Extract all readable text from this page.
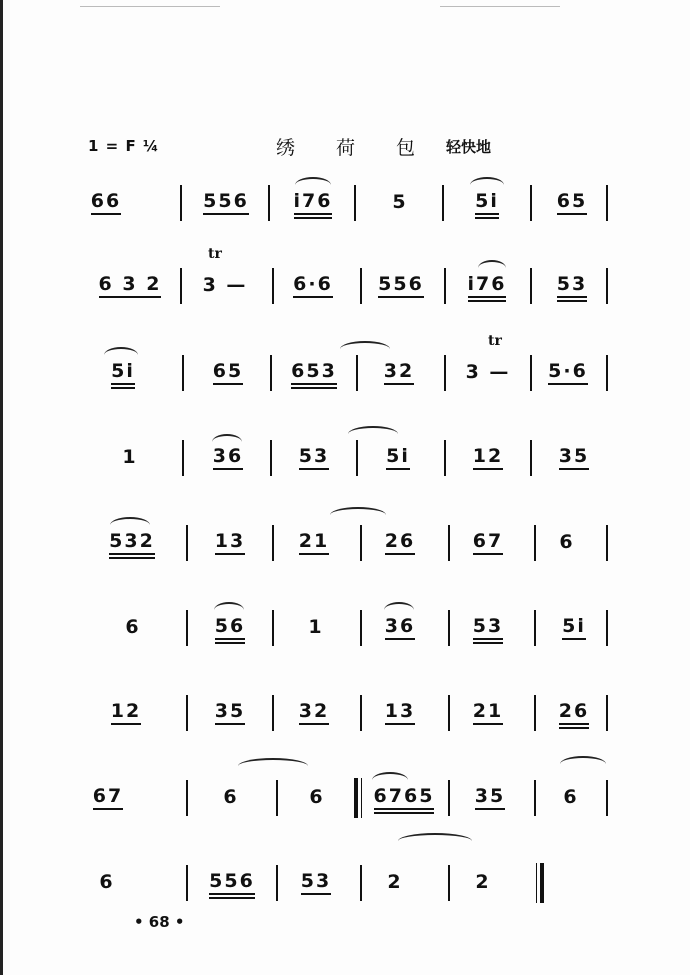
1 = F ¼	绣 荷 包 轻快地
66	556 i76	5	5i	65
tr
6 3 2 3 — 6·6 556 i76	53
tr
5i	65	653 32	3 — 5·6
1	36	53	5i	12	35
532	13	21	26	67	6
6	56	1	36	53	5i
12	35	32	13	21	26
67	6	6	6765 35	6
6	556 53	2	2
• 68 •
